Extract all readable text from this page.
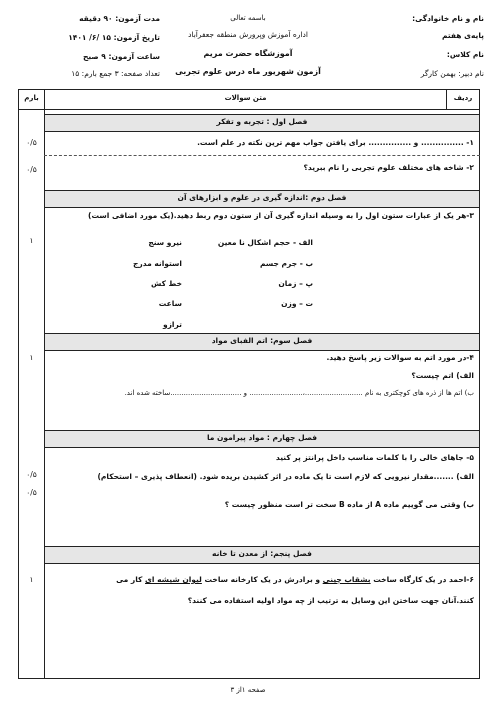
نام و نام خانوادگی:
پایه‌ی هفتم
نام کلاس:
نام دبیر: بهمن کارگر
باسمه تعالی
اداره آموزش وپرورش منطقه جعفرآباد
آموزشگاه حضرت مریم
آزمون شهریور ماه درس علوم تجربی
مدت آزمون: ۹۰ دقیقه
تاریخ آزمون: ۱۵ /۶/ ۱۴۰۱
ساعت آزمون: ۹ صبح
تعداد صفحه: ۳ جمع بارم: ۱۵
ردیف
متن سوالات
بارم
فصل اول : تجربه و تفکر
۱- ............... و ............... برای یافتن جواب مهم ترین نکته در علم است.
۰/۵
۲- شاخه های مختلف علوم تجربی را نام ببرید؟
۰/۵
فصل دوم :اندازه گیری در علوم و ابزارهای آن
۳-هر یک از عبارات ستون اول را به وسیله اندازه گیری آن از ستون دوم ربط دهید.(یک مورد اضافی است)
۱	الف - حجم اشکال نا معین
ب - جرم جسم
پ – زمان
ت – وزن
نیرو سنج
استوانه مدرج
خط کش
ساعت
ترازو
فصل سوم: اتم الفبای مواد
۴-در مورد اتم به سوالات زیر پاسخ دهید.
۱
الف) اتم چیست؟
ب) اتم ها از ذره های کوچکتری به نام ..........................،........................ و ................................ساخته شده اند.
فصل چهارم : مواد پیرامون ما
۵- جاهای خالی را با کلمات مناسب داخل پرانتز پر کنید
الف) .......مقدار نیرویی که لازم است تا یک ماده در اثر کشیدن بریده شود. (انعطاف پذیری – استحکام)
ب) وقتی می گوییم ماده A از ماده B سخت تر است منظور چیست ؟
۰/۵
۰/۵
فصل پنجم: از معدن تا خانه
۶-احمد در یک کارگاه ساخت بشقاب چینی و برادرش در یک کارخانه ساخت لیوان شیشه ای کار می
کنند.آنان جهت ساختن این وسایل به ترتیب از چه مواد اولیه استفاده می کنند؟
۱
صفحه ۱از ۳
